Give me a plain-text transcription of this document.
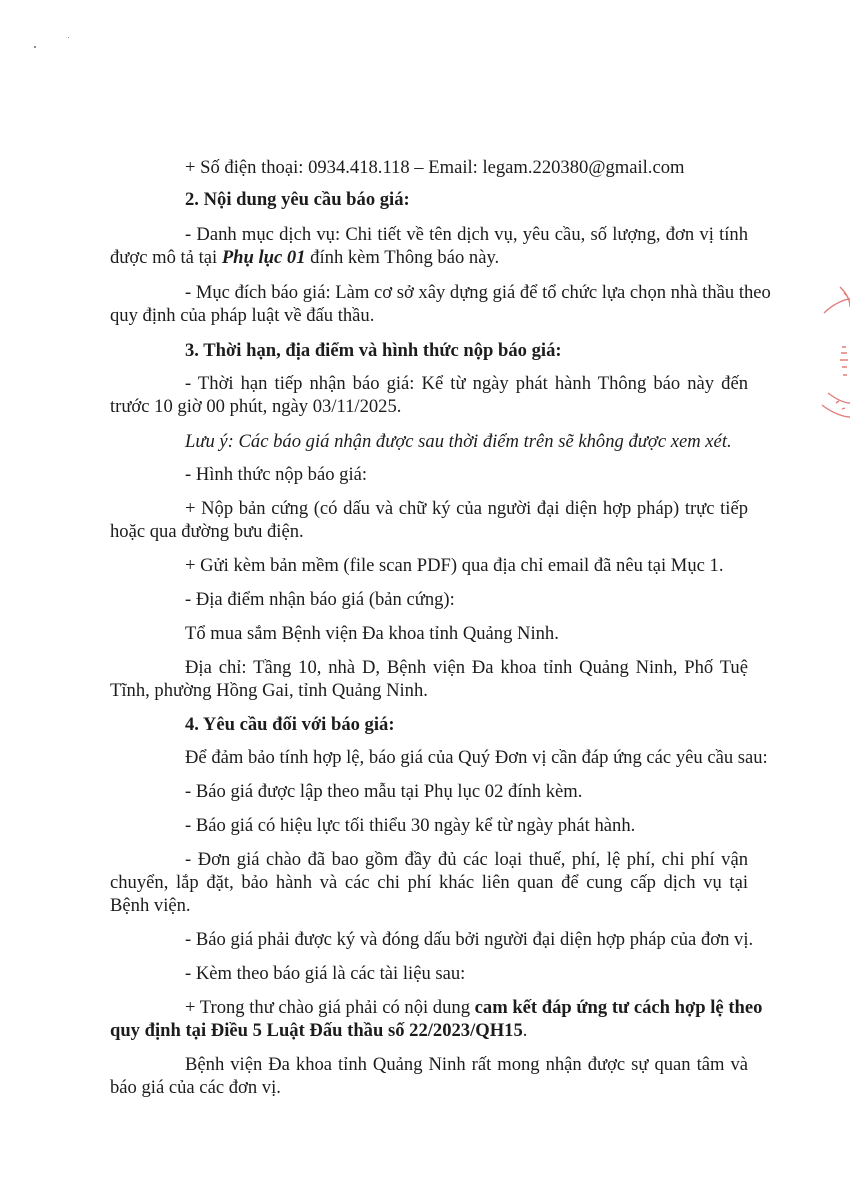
+ Số điện thoại: 0934.418.118 – Email: legam.220380@gmail.com

2. Nội dung yêu cầu báo giá:

- Danh mục dịch vụ: Chi tiết về tên dịch vụ, yêu cầu, số lượng, đơn vị tính

được mô tả tại Phụ lục 01 đính kèm Thông báo này.

- Mục đích báo giá: Làm cơ sở xây dựng giá để tổ chức lựa chọn nhà thầu theo

quy định của pháp luật về đấu thầu.

3. Thời hạn, địa điểm và hình thức nộp báo giá:

- Thời hạn tiếp nhận báo giá: Kể từ ngày phát hành Thông báo này đến

trước 10 giờ 00 phút, ngày 03/11/2025.

Lưu ý: Các báo giá nhận được sau thời điểm trên sẽ không được xem xét.

- Hình thức nộp báo giá:

+ Nộp bản cứng (có dấu và chữ ký của người đại diện hợp pháp) trực tiếp

hoặc qua đường bưu điện.

+ Gửi kèm bản mềm (file scan PDF) qua địa chỉ email đã nêu tại Mục 1.

- Địa điểm nhận báo giá (bản cứng):

Tổ mua sắm Bệnh viện Đa khoa tỉnh Quảng Ninh.

Địa chỉ: Tầng 10, nhà D, Bệnh viện Đa khoa tỉnh Quảng Ninh, Phố Tuệ

Tĩnh, phường Hồng Gai, tỉnh Quảng Ninh.

4. Yêu cầu đối với báo giá:

Để đảm bảo tính hợp lệ, báo giá của Quý Đơn vị cần đáp ứng các yêu cầu sau:

- Báo giá được lập theo mẫu tại Phụ lục 02 đính kèm.

- Báo giá có hiệu lực tối thiểu 30 ngày kể từ ngày phát hành.

- Đơn giá chào đã bao gồm đầy đủ các loại thuế, phí, lệ phí, chi phí vận

chuyển, lắp đặt, bảo hành và các chi phí khác liên quan để cung cấp dịch vụ tại

Bệnh viện.

- Báo giá phải được ký và đóng dấu bởi người đại diện hợp pháp của đơn vị.

- Kèm theo báo giá là các tài liệu sau:

+ Trong thư chào giá phải có nội dung cam kết đáp ứng tư cách hợp lệ theo

quy định tại Điều 5 Luật Đấu thầu số 22/2023/QH15.

Bệnh viện Đa khoa tỉnh Quảng Ninh rất mong nhận được sự quan tâm và

báo giá của các đơn vị.
